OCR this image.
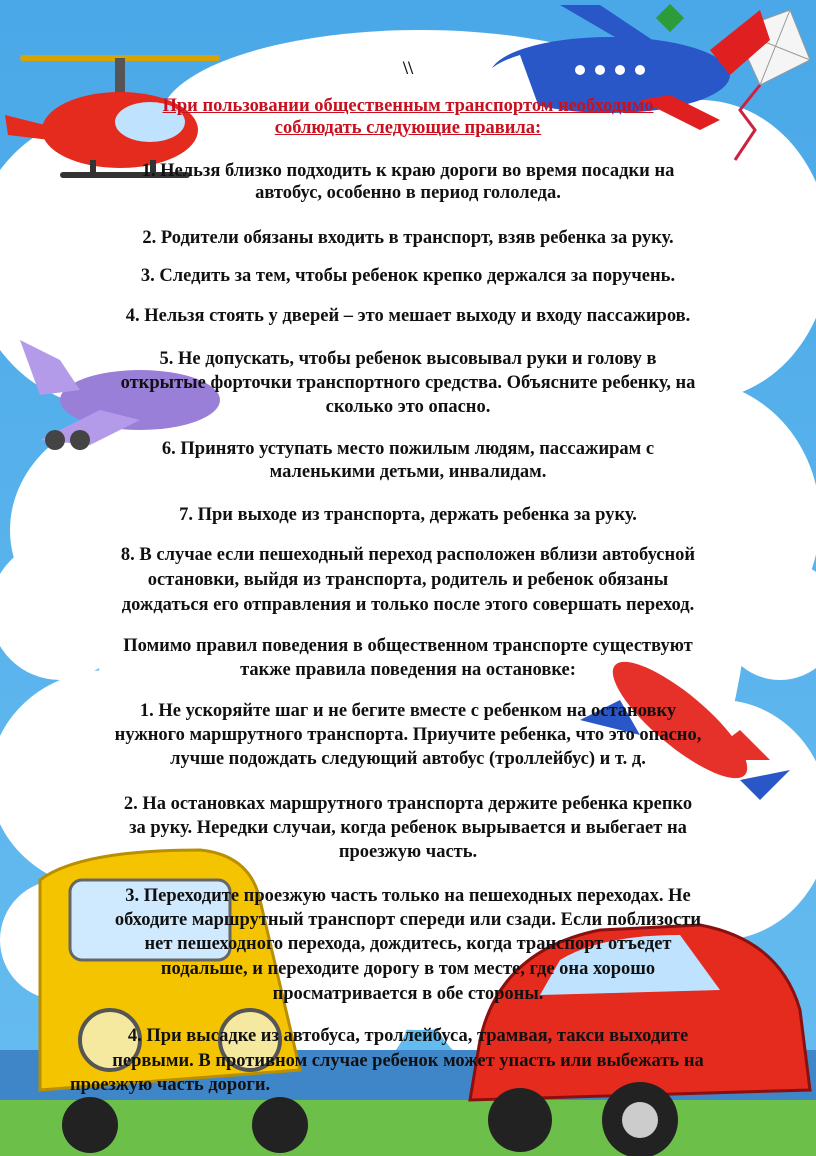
\\
При пользовании общественным транспортом необходимо
соблюдать следующие правила:
1. Нельзя близко подходить к краю дороги во время посадки на
автобус, особенно в период гололеда.
2. Родители обязаны входить в транспорт, взяв ребенка за руку.
3. Следить за тем, чтобы ребенок крепко держался за поручень.
4. Нельзя стоять у дверей – это мешает выходу и входу пассажиров.
5. Не допускать, чтобы ребенок высовывал руки и голову в
открытые форточки транспортного средства. Объясните ребенку, на
сколько это опасно.
6. Принято уступать место пожилым людям, пассажирам с
маленькими детьми, инвалидам.
7. При выходе из транспорта, держать ребенка за руку.
8. В случае если пешеходный переход расположен вблизи автобусной
остановки, выйдя из транспорта, родитель и ребенок обязаны
дождаться его отправления и только после этого совершать переход.
Помимо правил поведения в общественном транспорте существуют
также правила поведения на остановке:
1. Не ускоряйте шаг и не бегите вместе с ребенком на остановку
нужного маршрутного транспорта. Приучите ребенка, что это опасно,
лучше подождать следующий автобус (троллейбус) и т. д.
2. На остановках маршрутного транспорта держите ребенка крепко
за руку. Нередки случаи, когда ребенок вырывается и выбегает на
проезжую часть.
3. Переходите проезжую часть только на пешеходных переходах. Не
обходите маршрутный транспорт спереди или сзади. Если поблизости
нет пешеходного перехода, дождитесь, когда транспорт отъедет
подальше, и переходите дорогу в том месте, где она хорошо
просматривается в обе стороны.
4. При высадке из автобуса, троллейбуса, трамвая, такси выходите
первыми. В противном случае ребенок может упасть или выбежать на
проезжую часть дороги.
